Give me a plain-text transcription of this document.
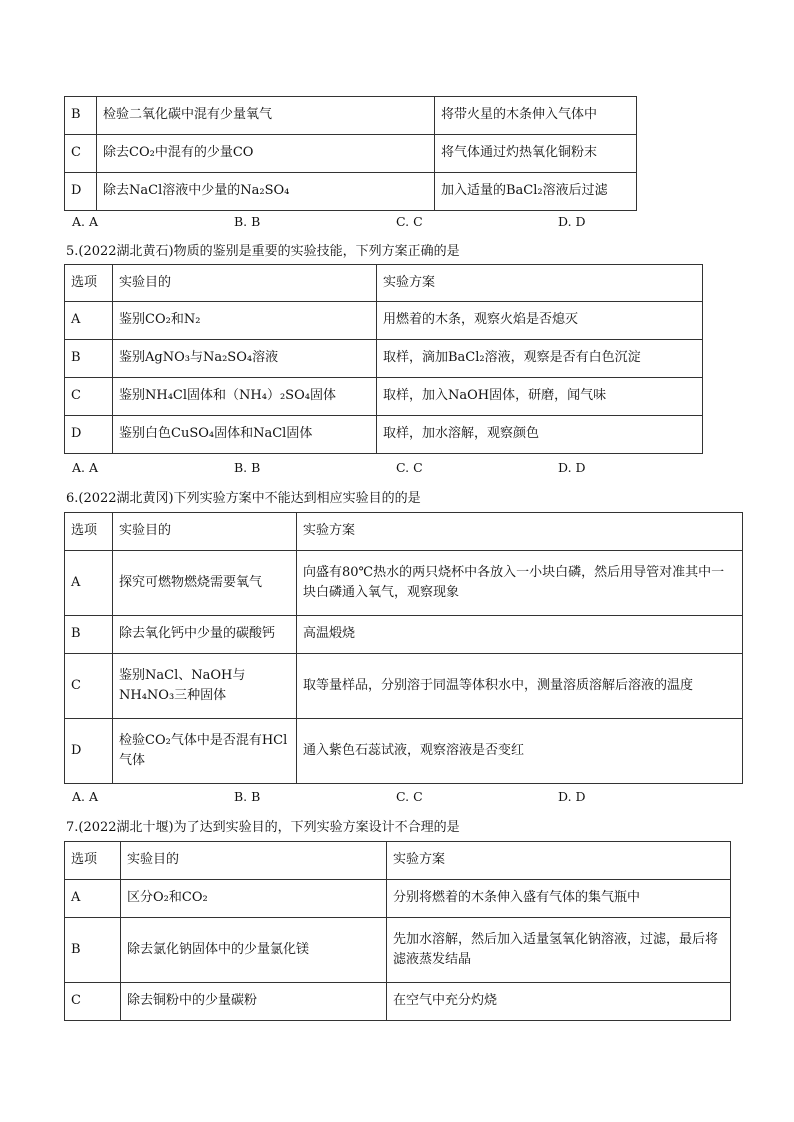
B	检验二氧化碳中混有少量氧气	将带火星的木条伸入气体中
C	除去CO₂中混有的少量CO	将气体通过灼热氧化铜粉末
D	除去NaCl溶液中少量的Na₂SO₄	加入适量的BaCl₂溶液后过滤
A. A	B. B	C. C	D. D
5.(2022湖北黄石)物质的鉴别是重要的实验技能，下列方案正确的是
选项	实验目的	实验方案
A	鉴别CO₂和N₂	用燃着的木条，观察火焰是否熄灭
B	鉴别AgNO₃与Na₂SO₄溶液	取样，滴加BaCl₂溶液，观察是否有白色沉淀
C	鉴别NH₄Cl固体和（NH₄）₂SO₄固体	取样，加入NaOH固体，研磨，闻气味
D	鉴别白色CuSO₄固体和NaCl固体	取样，加水溶解，观察颜色
A. A	B. B	C. C	D. D
6.(2022湖北黄冈)下列实验方案中不能达到相应实验目的的是
选项	实验目的	实验方案
A	探究可燃物燃烧需要氧气	向盛有80℃热水的两只烧杯中各放入一小块白磷，然后用导管对准其中一块白磷通入氧气，观察现象
B	除去氧化钙中少量的碳酸钙	高温煅烧
C	鉴别NaCl、NaOH与NH₄NO₃三种固体	取等量样品，分别溶于同温等体积水中，测量溶质溶解后溶液的温度
D	检验CO₂气体中是否混有HCl气体	通入紫色石蕊试液，观察溶液是否变红
A. A	B. B	C. C	D. D
7.(2022湖北十堰)为了达到实验目的，下列实验方案设计不合理的是
选项	实验目的	实验方案
A	区分O₂和CO₂	分别将燃着的木条伸入盛有气体的集气瓶中
B	除去氯化钠固体中的少量氯化镁	先加水溶解，然后加入适量氢氧化钠溶液，过滤，最后将滤液蒸发结晶
C	除去铜粉中的少量碳粉	在空气中充分灼烧
